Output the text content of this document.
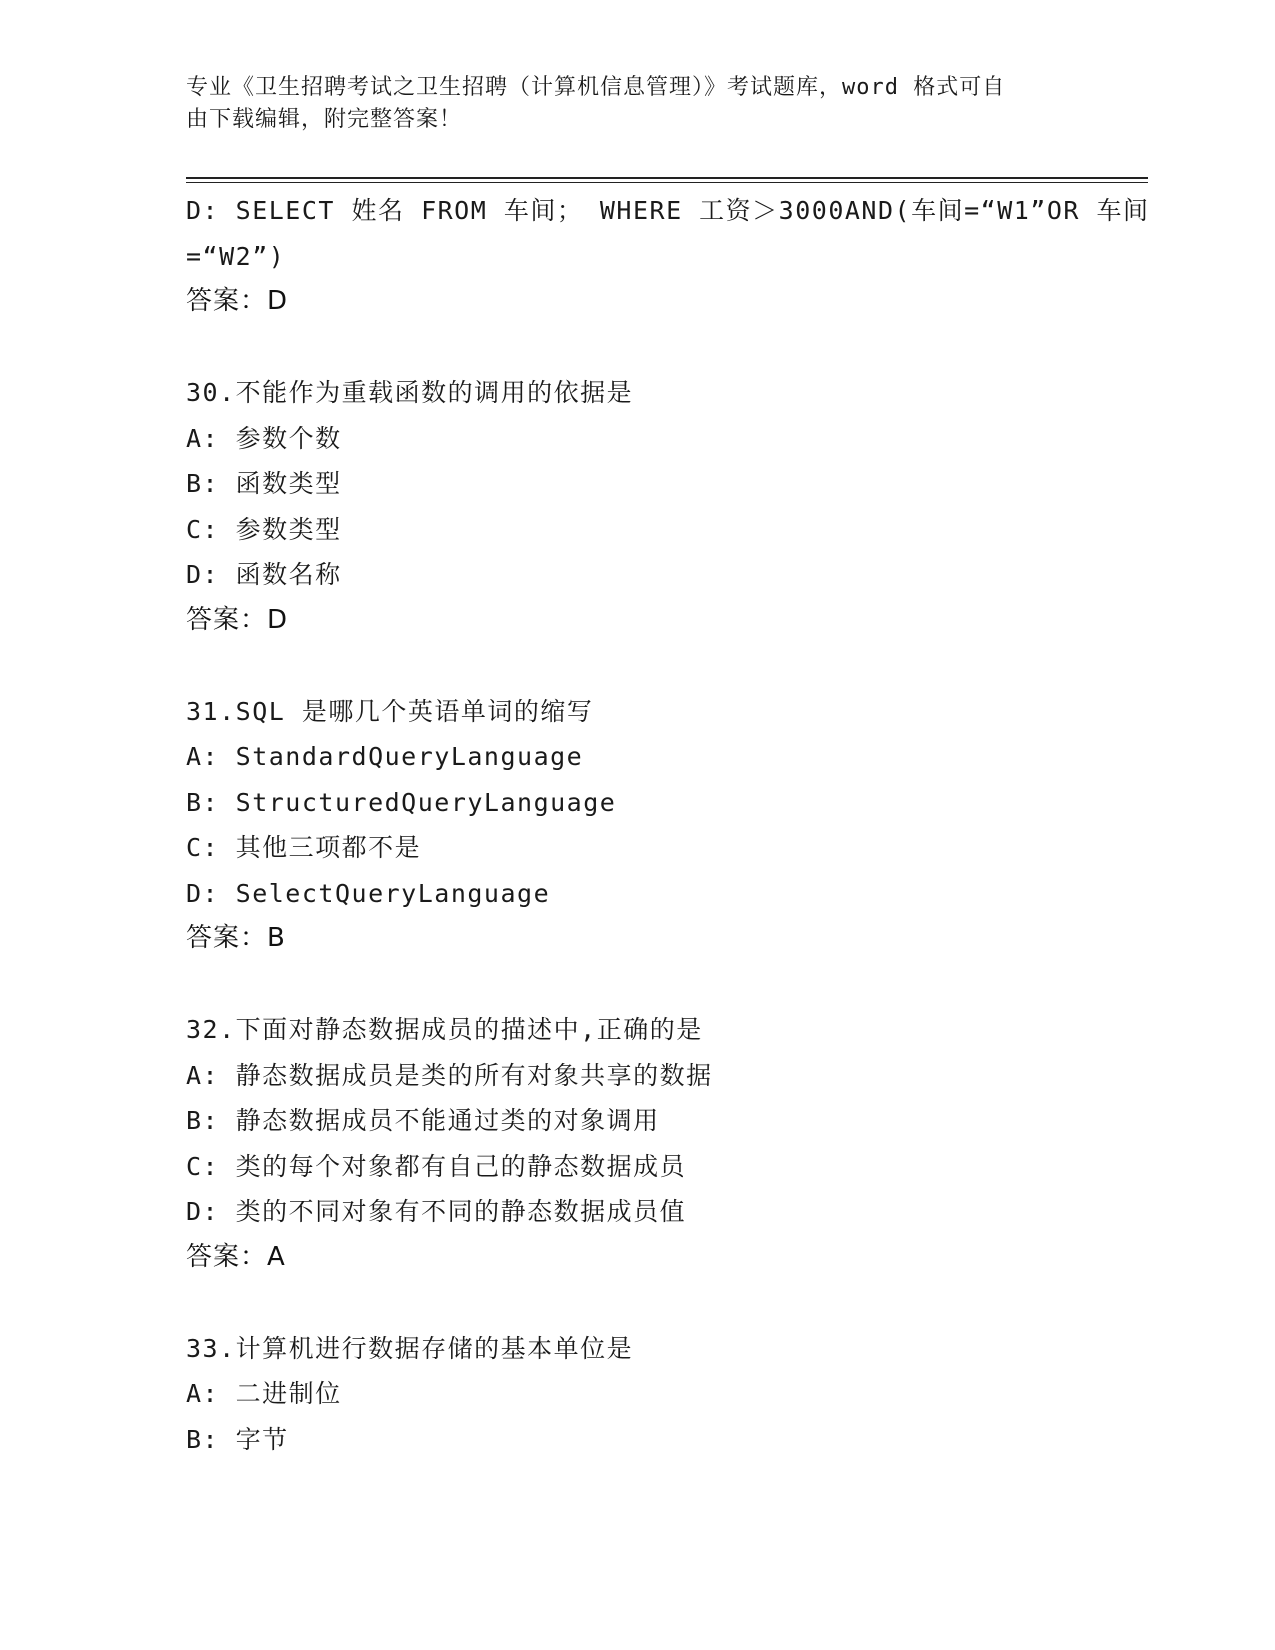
专业《卫生招聘考试之卫生招聘（计算机信息管理）》考试题库，word 格式可自
由下载编辑，附完整答案！
D: SELECT 姓名 FROM 车间； WHERE 工资＞3000AND(车间=“W1”OR 车间
=“W2”)
答案：D
30.不能作为重载函数的调用的依据是
A: 参数个数
B: 函数类型
C: 参数类型
D: 函数名称
答案：D
31.SQL 是哪几个英语单词的缩写
A: StandardQueryLanguage
B: StructuredQueryLanguage
C: 其他三项都不是
D: SelectQueryLanguage
答案：B
32.下面对静态数据成员的描述中,正确的是
A: 静态数据成员是类的所有对象共享的数据
B: 静态数据成员不能通过类的对象调用
C: 类的每个对象都有自己的静态数据成员
D: 类的不同对象有不同的静态数据成员值
答案：A
33.计算机进行数据存储的基本单位是
A: 二进制位
B: 字节
